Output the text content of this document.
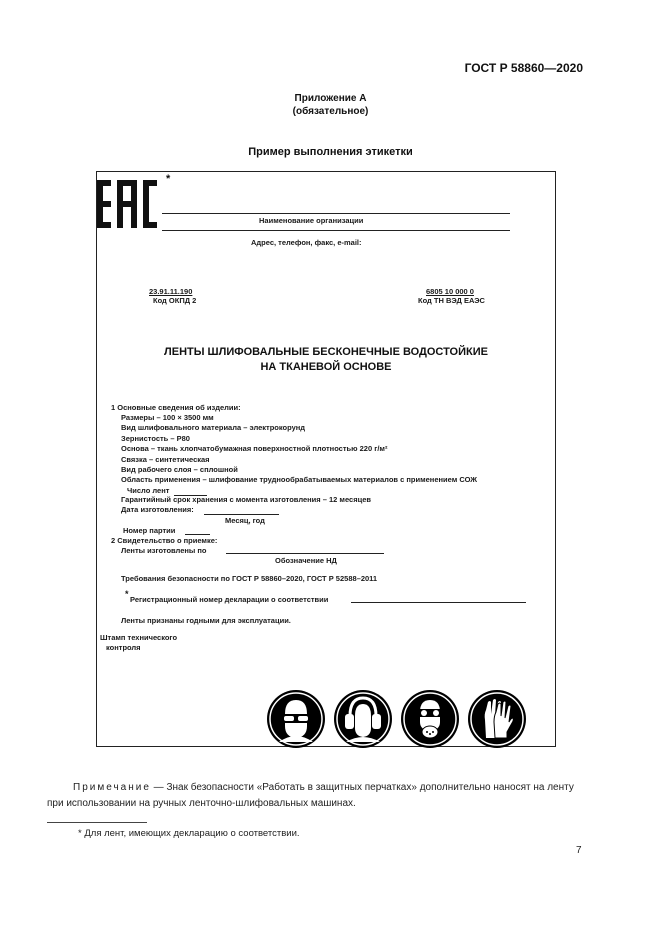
ГОСТ Р 58860—2020
Приложение А
(обязательное)
Пример выполнения этикетки
*
Наименование организации
Адрес, телефон, факс, e-mail:
23.91.11.190
Код ОКПД 2
6805 10 000 0
Код ТН ВЭД ЕАЭС
ЛЕНТЫ ШЛИФОВАЛЬНЫЕ БЕСКОНЕЧНЫЕ ВОДОСТОЙКИЕ
НА ТКАНЕВОЙ ОСНОВЕ
1 Основные сведения об изделии:
Размеры – 100 × 3500 мм
Вид шлифовального материала – электрокорунд
Зернистость – Р80
Основа – ткань хлопчатобумажная поверхностной плотностью 220 г/м²
Связка – синтетическая
Вид рабочего слоя – сплошной
Область применения – шлифование труднообрабатываемых материалов с применением СОЖ
Число лент
Гарантийный срок хранения с момента изготовления – 12 месяцев
Дата изготовления:
Месяц, год
Номер партии
2 Свидетельство о приемке:
Ленты изготовлены по
Обозначение НД
Требования безопасности по ГОСТ Р 58860–2020, ГОСТ Р 52588–2011
*
Регистрационный номер декларации о соответствии
Ленты признаны годными для эксплуатации.
Штамп технического
контроля
Примечание — Знак безопасности «Работать в защитных перчатках» дополнительно наносят на ленту
при использовании на ручных ленточно-шлифовальных машинах.
* Для лент, имеющих декларацию о соответствии.
7
